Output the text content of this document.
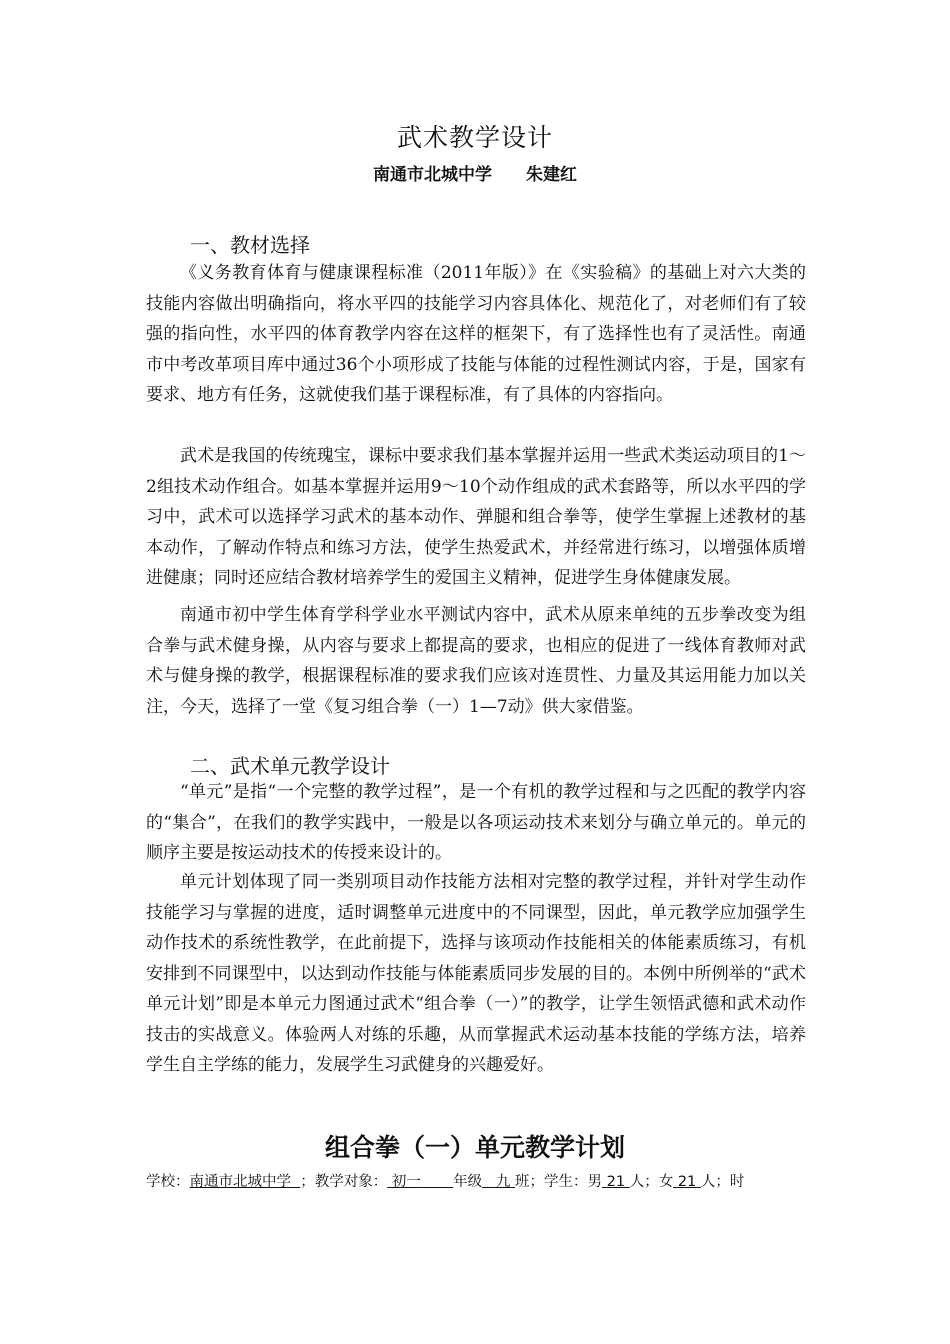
武术教学设计
南通市北城中学 朱建红
一、教材选择

《义务教育体育与健康课程标准（2011年版）》在《实验稿》的基础上对六大类的技能内容做出明确指向，将水平四的技能学习内容具体化、规范化了，对老师们有了较强的指向性，水平四的体育教学内容在这样的框架下，有了选择性也有了灵活性。南通市中考改革项目库中通过36个小项形成了技能与体能的过程性测试内容，于是，国家有要求、地方有任务，这就使我们基于课程标准，有了具体的内容指向。

武术是我国的传统瑰宝，课标中要求我们基本掌握并运用一些武术类运动项目的1～2组技术动作组合。如基本掌握并运用9～10个动作组成的武术套路等，所以水平四的学习中，武术可以选择学习武术的基本动作、弹腿和组合拳等，使学生掌握上述教材的基本动作，了解动作特点和练习方法，使学生热爱武术，并经常进行练习，以增强体质增进健康；同时还应结合教材培养学生的爱国主义精神，促进学生身体健康发展。

南通市初中学生体育学科学业水平测试内容中，武术从原来单纯的五步拳改变为组合拳与武术健身操，从内容与要求上都提高的要求，也相应的促进了一线体育教师对武术与健身操的教学，根据课程标准的要求我们应该对连贯性、力量及其运用能力加以关注，今天，选择了一堂《复习组合拳（一）1—7动》供大家借鉴。

二、武术单元教学设计

“单元”是指“一个完整的教学过程”，是一个有机的教学过程和与之匹配的教学内容的“集合”，在我们的教学实践中，一般是以各项运动技术来划分与确立单元的。单元的顺序主要是按运动技术的传授来设计的。

单元计划体现了同一类别项目动作技能方法相对完整的教学过程，并针对学生动作技能学习与掌握的进度，适时调整单元进度中的不同课型，因此，单元教学应加强学生动作技术的系统性教学，在此前提下，选择与该项动作技能相关的体能素质练习，有机安排到不同课型中，以达到动作技能与体能素质同步发展的目的。本例中所例举的“武术单元计划”即是本单元力图通过武术“组合拳（一）”的教学，让学生领悟武德和武术动作技击的实战意义。体验两人对练的乐趣，从而掌握武术运动基本技能的学练方法，培养学生自主学练的能力，发展学生习武健身的兴趣爱好。

组合拳（一）单元教学计划
学校：南通市北城中学 ；教学对象： 初一 年级 九 班；学生：男 21 人；女 21 人；时
